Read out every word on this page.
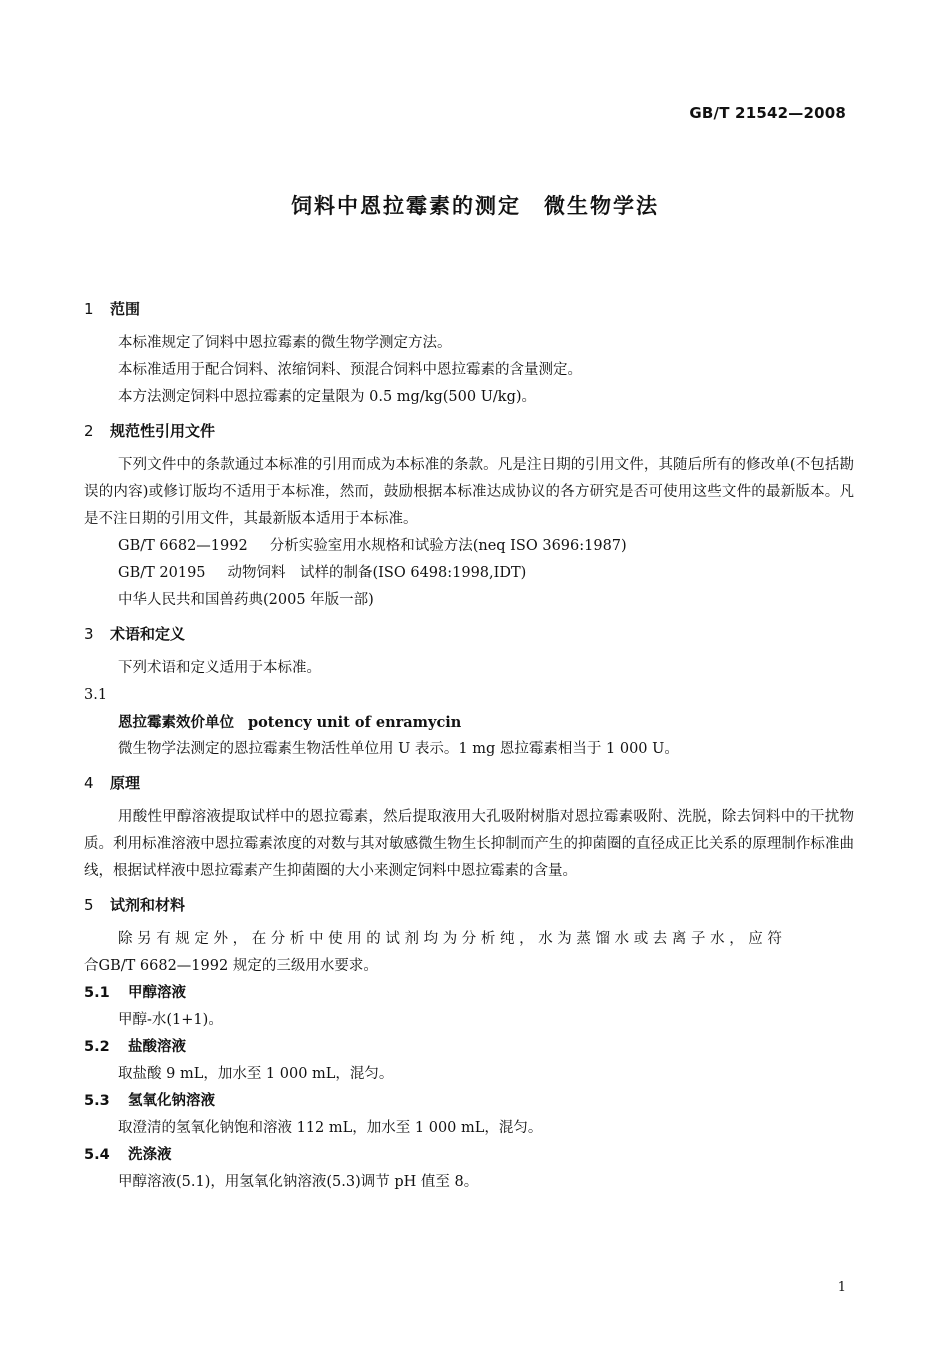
GB/T 21542—2008
饲料中恩拉霉素的测定　微生物学法
1 范围

本标准规定了饲料中恩拉霉素的微生物学测定方法。

本标准适用于配合饲料、浓缩饲料、预混合饲料中恩拉霉素的含量测定。

本方法测定饲料中恩拉霉素的定量限为 0.5 mg/kg(500 U/kg)。

2 规范性引用文件

下列文件中的条款通过本标准的引用而成为本标准的条款。凡是注日期的引用文件，其随后所有的修改单(不包括勘误的内容)或修订版均不适用于本标准，然而，鼓励根据本标准达成协议的各方研究是否可使用这些文件的最新版本。凡是不注日期的引用文件，其最新版本适用于本标准。

GB/T 6682—1992 分析实验室用水规格和试验方法(neq ISO 3696:1987)
GB/T 20195 动物饲料　试样的制备(ISO 6498:1998,IDT)
中华人民共和国兽药典(2005 年版一部)
3 术语和定义

下列术语和定义适用于本标准。

3.1
恩拉霉素效价单位 potency unit of enramycin

微生物学法测定的恩拉霉素生物活性单位用 U 表示。1 mg 恩拉霉素相当于 1 000 U。

4 原理

用酸性甲醇溶液提取试样中的恩拉霉素，然后提取液用大孔吸附树脂对恩拉霉素吸附、洗脱，除去饲料中的干扰物质。利用标准溶液中恩拉霉素浓度的对数与其对敏感微生物生长抑制而产生的抑菌圈的直径成正比关系的原理制作标准曲线，根据试样液中恩拉霉素产生抑菌圈的大小来测定饲料中恩拉霉素的含量。

5 试剂和材料

除另有规定外，在分析中使用的试剂均为分析纯，水为蒸馏水或去离子水，应符

合GB/T 6682—1992 规定的三级用水要求。

5.1 甲醇溶液

甲醇-水(1+1)。

5.2 盐酸溶液

取盐酸 9 mL，加水至 1 000 mL，混匀。

5.3 氢氧化钠溶液

取澄清的氢氧化钠饱和溶液 112 mL，加水至 1 000 mL，混匀。

5.4 洗涤液

甲醇溶液(5.1)，用氢氧化钠溶液(5.3)调节 pH 值至 8。

1
